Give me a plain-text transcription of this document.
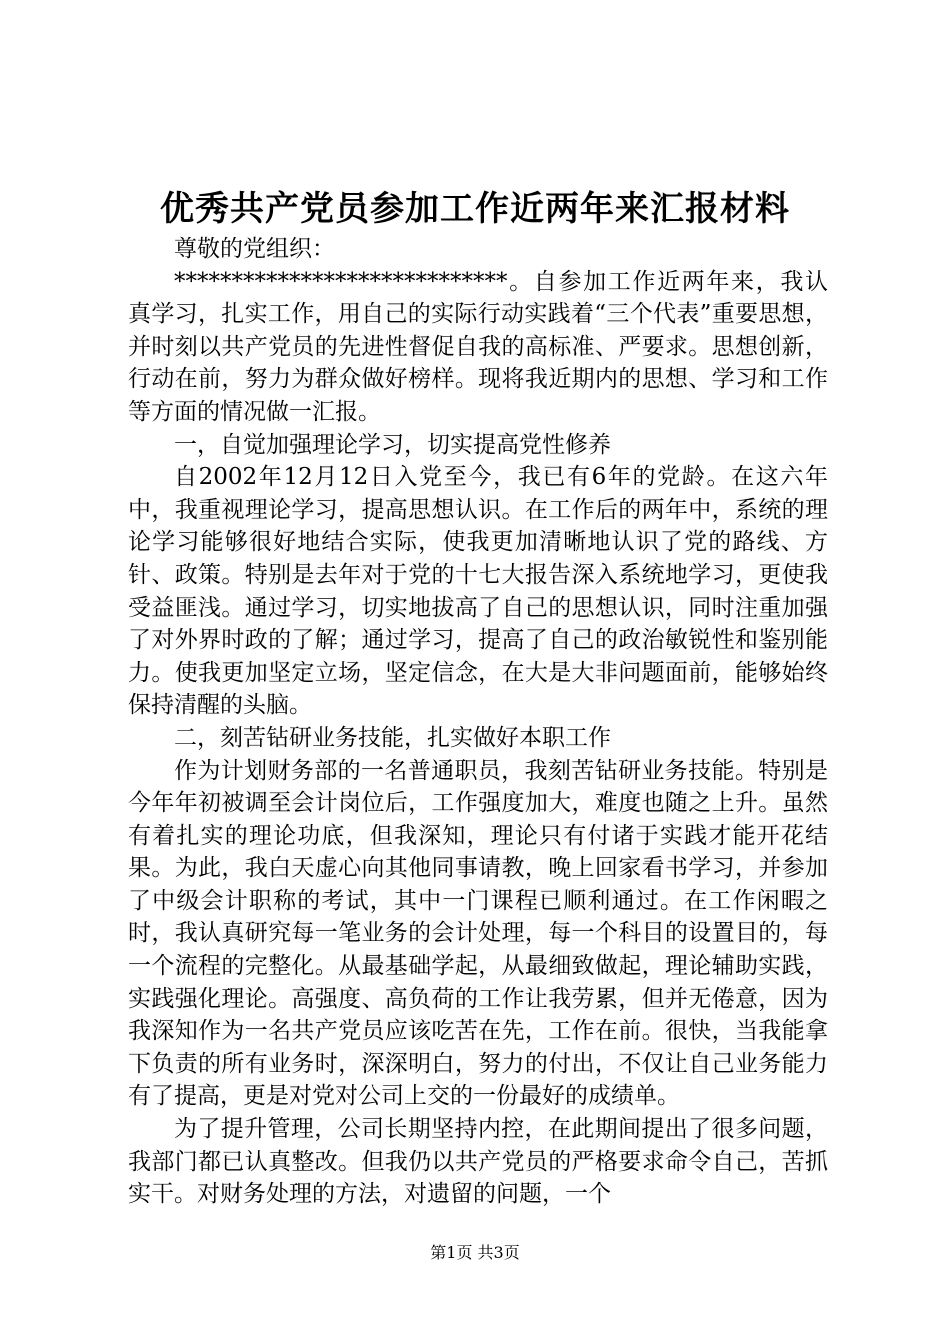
优秀共产党员参加工作近两年来汇报材料

尊敬的党组织：

*****************************。自参加工作近两年来，我认真学习，扎实工作，用自己的实际行动实践着“三个代表”重要思想，并时刻以共产党员的先进性督促自我的高标准、严要求。思想创新，行动在前，努力为群众做好榜样。现将我近期内的思想、学习和工作等方面的情况做一汇报。

一，自觉加强理论学习，切实提高党性修养

自2002年12月12日入党至今，我已有6年的党龄。在这六年中，我重视理论学习，提高思想认识。在工作后的两年中，系统的理论学习能够很好地结合实际，使我更加清晰地认识了党的路线、方针、政策。特别是去年对于党的十七大报告深入系统地学习，更使我受益匪浅。通过学习，切实地拔高了自己的思想认识，同时注重加强了对外界时政的了解；通过学习，提高了自己的政治敏锐性和鉴别能力。使我更加坚定立场，坚定信念，在大是大非问题面前，能够始终保持清醒的头脑。

二，刻苦钻研业务技能，扎实做好本职工作

作为计划财务部的一名普通职员，我刻苦钻研业务技能。特别是今年年初被调至会计岗位后，工作强度加大，难度也随之上升。虽然有着扎实的理论功底，但我深知，理论只有付诸于实践才能开花结果。为此，我白天虚心向其他同事请教，晚上回家看书学习，并参加了中级会计职称的考试，其中一门课程已顺利通过。在工作闲暇之时，我认真研究每一笔业务的会计处理，每一个科目的设置目的，每一个流程的完整化。从最基础学起，从最细致做起，理论辅助实践，实践强化理论。高强度、高负荷的工作让我劳累，但并无倦意，因为我深知作为一名共产党员应该吃苦在先，工作在前。很快，当我能拿下负责的所有业务时，深深明白，努力的付出，不仅让自己业务能力有了提高，更是对党对公司上交的一份最好的成绩单。

为了提升管理，公司长期坚持内控，在此期间提出了很多问题，我部门都已认真整改。但我仍以共产党员的严格要求命令自己，苦抓实干。对财务处理的方法，对遗留的问题，一个

第1页 共3页
